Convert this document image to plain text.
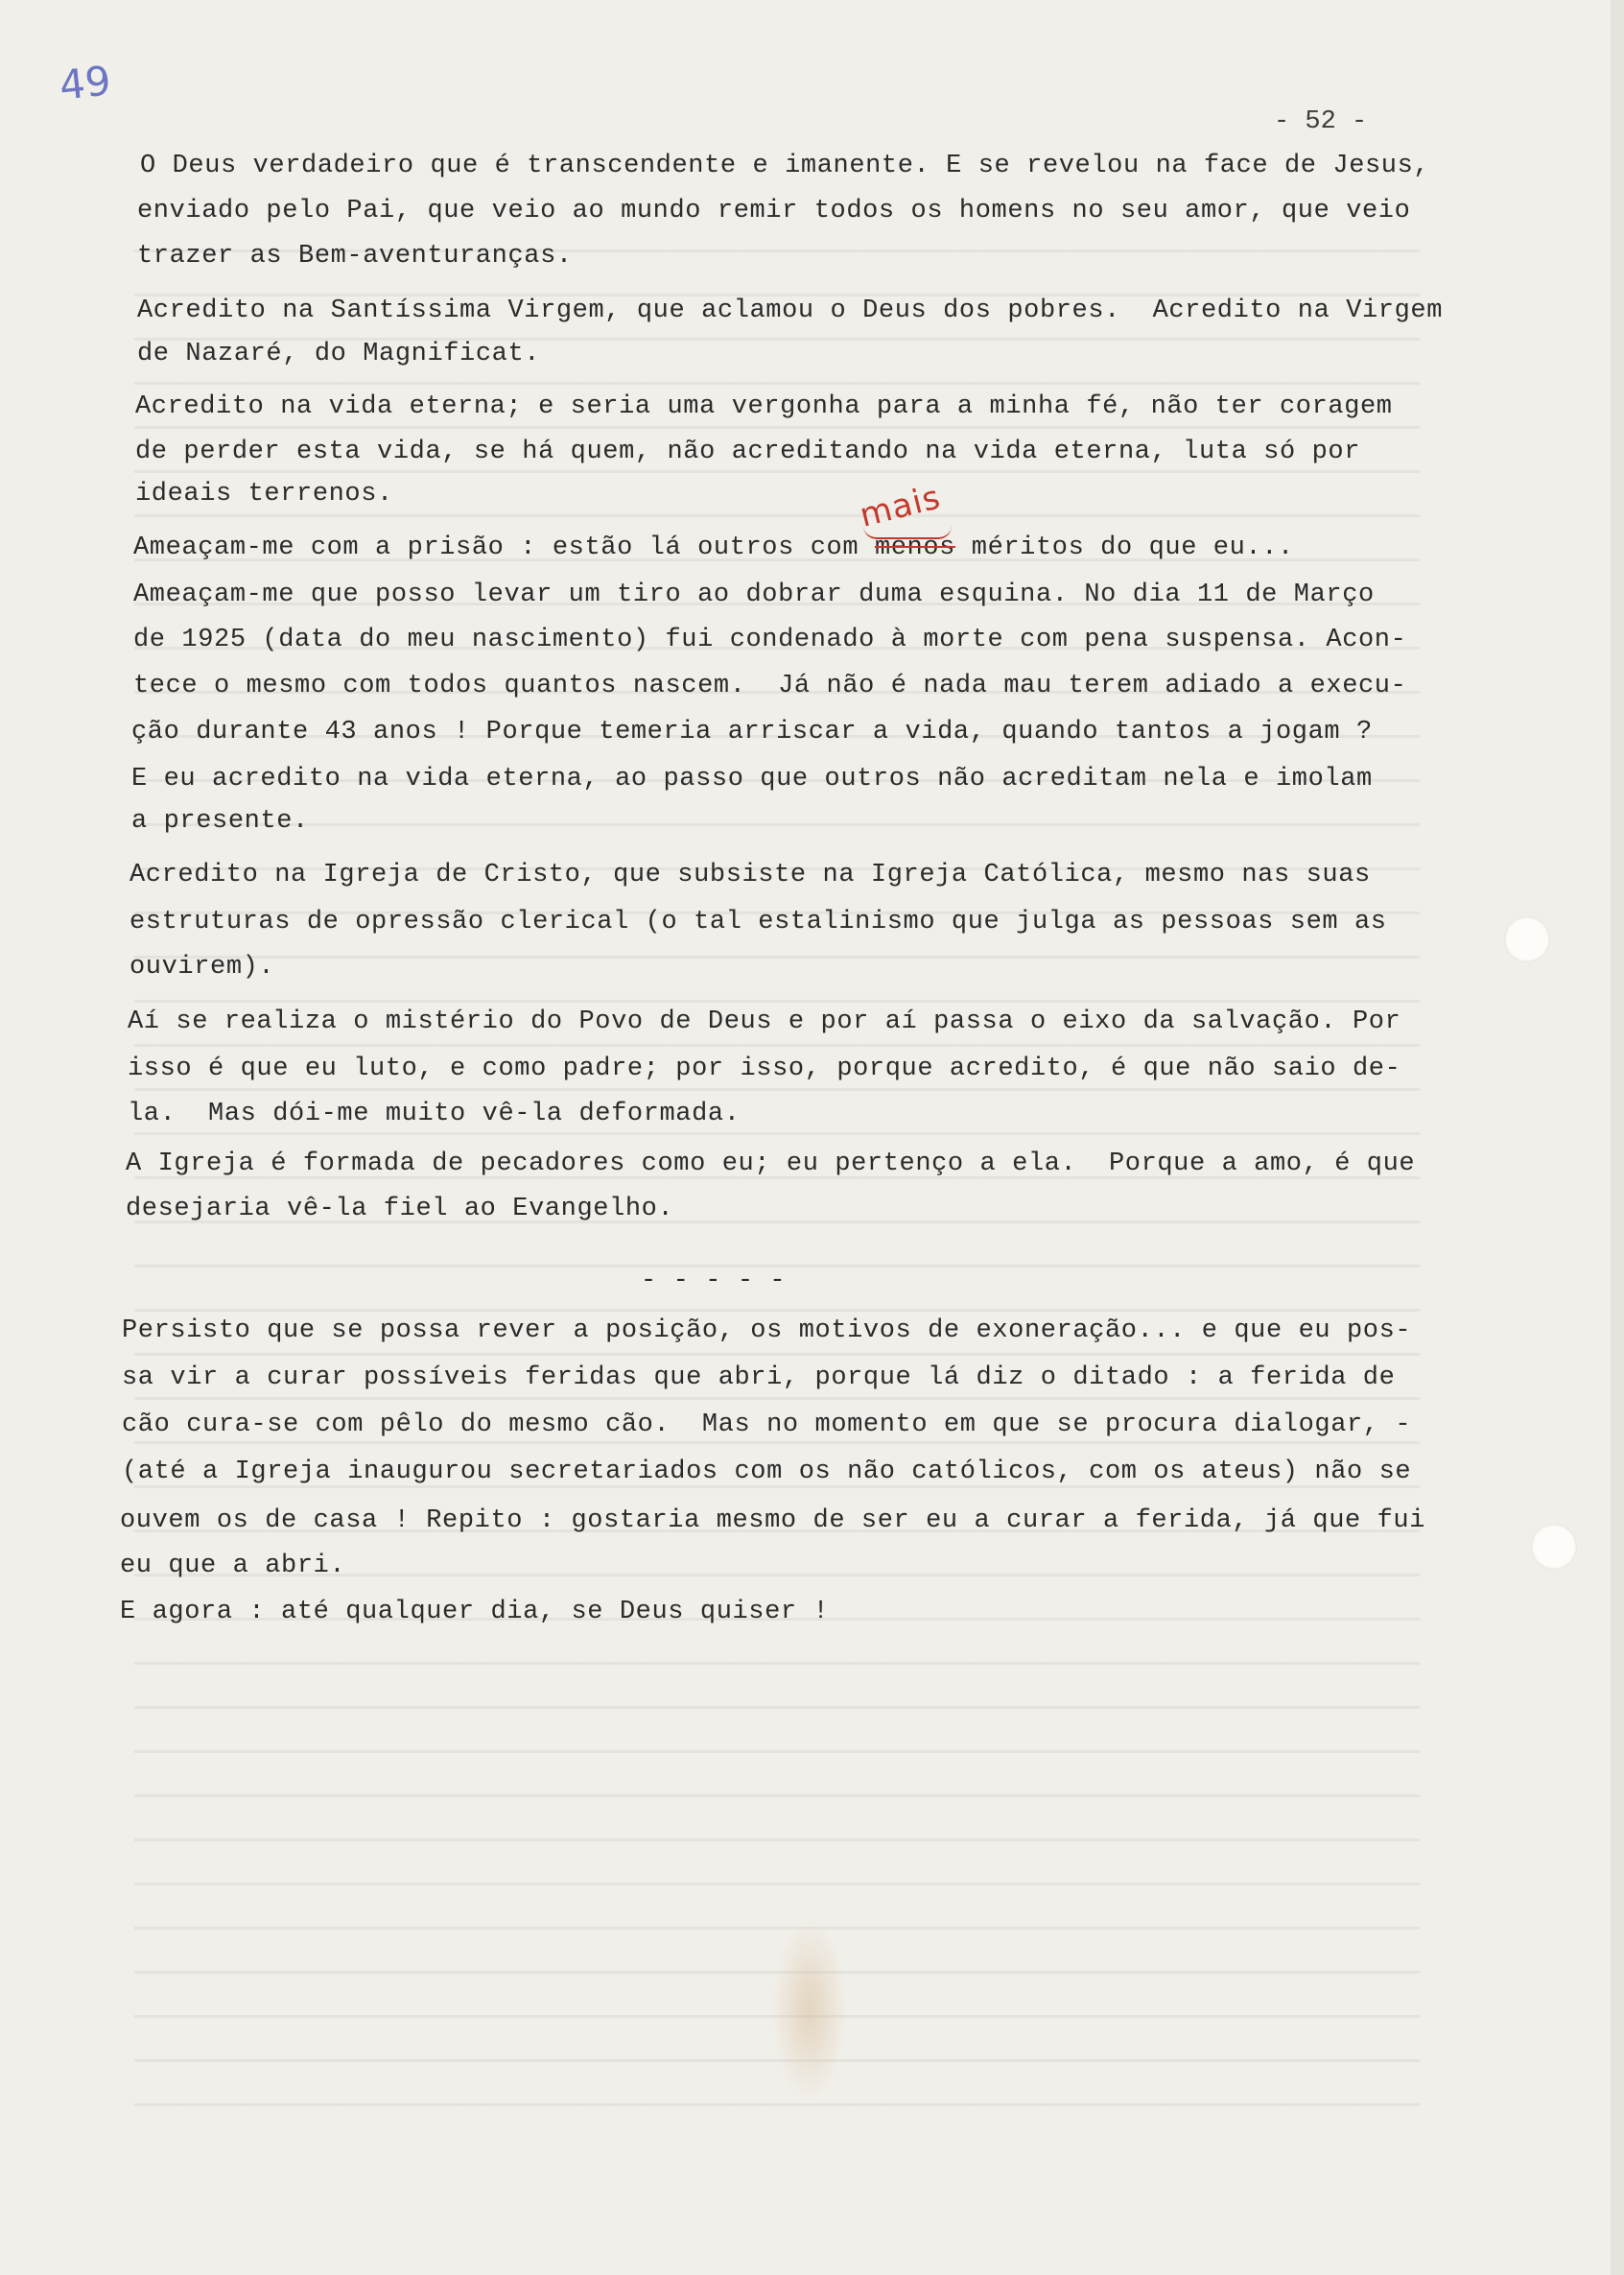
49
- 52 -
O Deus verdadeiro que é transcendente e imanente. E se revelou na face de Jesus,
enviado pelo Pai, que veio ao mundo remir todos os homens no seu amor, que veio
trazer as Bem-aventuranças.
Acredito na Santíssima Virgem, que aclamou o Deus dos pobres.  Acredito na Virgem
de Nazaré, do Magnificat.
Acredito na vida eterna; e seria uma vergonha para a minha fé, não ter coragem
de perder esta vida, se há quem, não acreditando na vida eterna, luta só por
ideais terrenos.
Ameaçam-me com a prisão : estão lá outros com menos méritos do que eu...
mais
Ameaçam-me que posso levar um tiro ao dobrar duma esquina. No dia 11 de Março
de 1925 (data do meu nascimento) fui condenado à morte com pena suspensa. Acon-
tece o mesmo com todos quantos nascem.  Já não é nada mau terem adiado a execu-
ção durante 43 anos ! Porque temeria arriscar a vida, quando tantos a jogam ?
E eu acredito na vida eterna, ao passo que outros não acreditam nela e imolam
a presente.
Acredito na Igreja de Cristo, que subsiste na Igreja Católica, mesmo nas suas
estruturas de opressão clerical (o tal estalinismo que julga as pessoas sem as
ouvirem).
Aí se realiza o mistério do Povo de Deus e por aí passa o eixo da salvação. Por
isso é que eu luto, e como padre; por isso, porque acredito, é que não saio de-
la.  Mas dói-me muito vê-la deformada.
A Igreja é formada de pecadores como eu; eu pertenço a ela.  Porque a amo, é que
desejaria vê-la fiel ao Evangelho.
- - - - -
Persisto que se possa rever a posição, os motivos de exoneração... e que eu pos-
sa vir a curar possíveis feridas que abri, porque lá diz o ditado : a ferida de
cão cura-se com pêlo do mesmo cão.  Mas no momento em que se procura dialogar, -
(até a Igreja inaugurou secretariados com os não católicos, com os ateus) não se
ouvem os de casa ! Repito : gostaria mesmo de ser eu a curar a ferida, já que fui
eu que a abri.
E agora : até qualquer dia, se Deus quiser !
